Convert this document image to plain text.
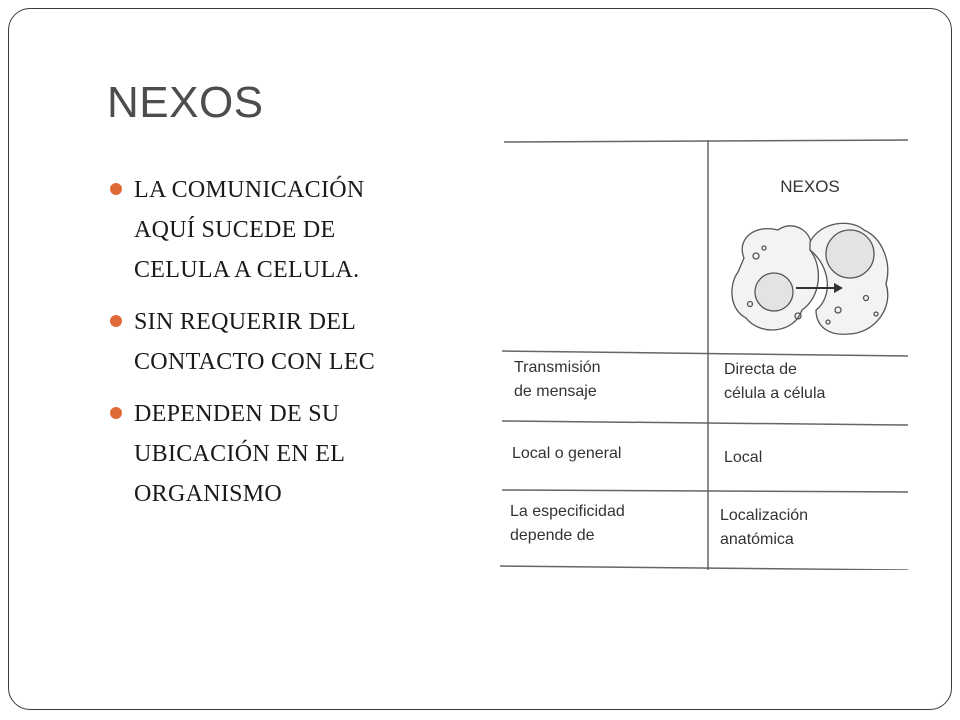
NEXOS
LA COMUNICACIÓN
AQUÍ SUCEDE DE
CELULA A CELULA.
SIN REQUERIR DEL
CONTACTO CON LEC
DEPENDEN DE SU
UBICACIÓN EN EL
ORGANISMO
NEXOS
Transmisión
de mensaje
Directa de
célula a célula
Local o general	Local
La especificidad
depende de
Localización
anatómica
